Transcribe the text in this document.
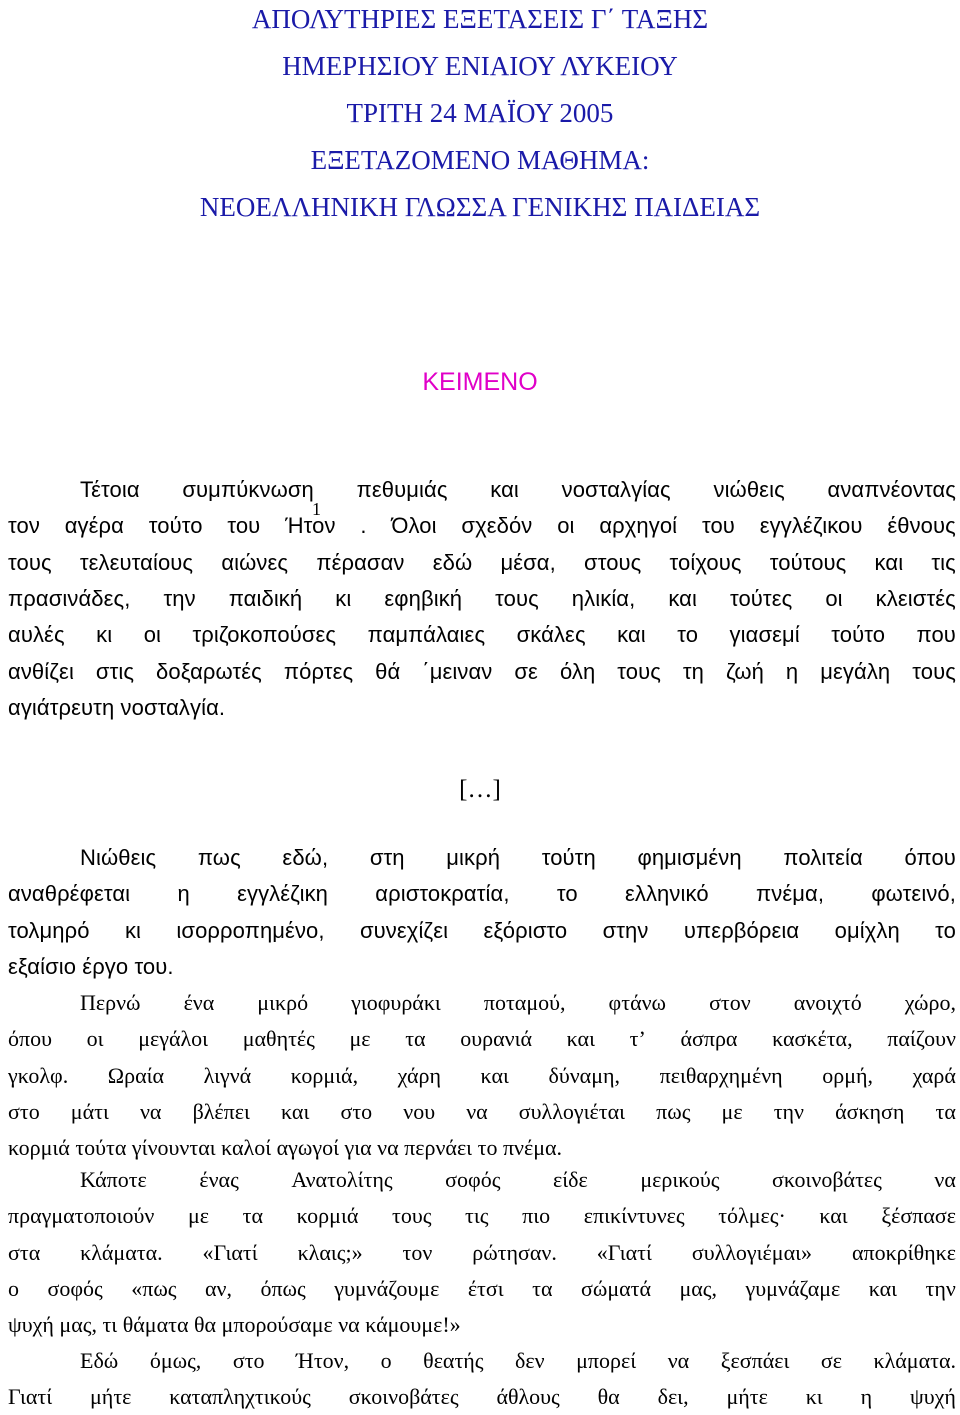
ΑΠΟΛΥΤΗΡΙΕΣ ΕΞΕΤΑΣΕΙΣ Γ΄ ΤΑΞΗΣ
ΗΜΕΡΗΣΙΟΥ ΕΝΙΑΙΟΥ ΛΥΚΕΙΟΥ
ΤΡΙΤΗ 24 ΜΑΪΟΥ 2005
ΕΞΕΤΑΖΟΜΕΝΟ ΜΑΘΗΜΑ:
ΝΕΟΕΛΛΗΝΙΚΗ ΓΛΩΣΣΑ ΓΕΝΙΚΗΣ ΠΑΙΔΕΙΑΣ
ΚΕΙΜΕΝΟ
Τέτοια συμπύκνωση πεθυμιάς και νοσταλγίας νιώθεις αναπνέοντας
τον αγέρα τούτο του Ήτον . Όλοι σχεδόν οι αρχηγοί του εγγλέζικου έθνους
τους τελευταίους αιώνες πέρασαν εδώ μέσα, στους τοίχους τούτους και τις
πρασινάδες, την παιδική κι εφηβική τους ηλικία, και τούτες οι κλειστές
αυλές κι οι τριζοκοπούσες παμπάλαιες σκάλες και το γιασεμί τούτο που
ανθίζει στις δοξαρωτές πόρτες θά ΄μειναν σε όλη τους τη ζωή η μεγάλη τους
αγιάτρευτη νοσταλγία.
1
[…]
Νιώθεις πως εδώ, στη μικρή τούτη φημισμένη πολιτεία όπου
αναθρέφεται η εγγλέζικη αριστοκρατία, το ελληνικό πνέμα, φωτεινό,
τολμηρό κι ισορροπημένο, συνεχίζει εξόριστο στην υπερβόρεια ομίχλη το
εξαίσιο έργο του.
Περνώ ένα μικρό γιοφυράκι ποταμού, φτάνω στον ανοιχτό χώρο,
όπου οι μεγάλοι μαθητές με τα ουρανιά και τ’ άσπρα κασκέτα, παίζουν
γκολφ. Ωραία λιγνά κορμιά, χάρη και δύναμη, πειθαρχημένη ορμή, χαρά
στο μάτι να βλέπει και στο νου να συλλογιέται πως με την άσκηση τα
κορμιά τούτα γίνουνται καλοί αγωγοί για να περνάει το πνέμα.
Κάποτε ένας Ανατολίτης σοφός είδε μερικούς σκοινοβάτες να
πραγματοποιούν με τα κορμιά τους τις πιο επικίντυνες τόλμες· και ξέσπασε
στα κλάματα. «Γιατί κλαις;» τον ρώτησαν. «Γιατί συλλογιέμαι» αποκρίθηκε
ο σοφός «πως αν, όπως γυμνάζουμε έτσι τα σώματά μας, γυμνάζαμε και την
ψυχή μας, τι θάματα θα μπορούσαμε να κάμουμε!»
Εδώ όμως, στο Ήτον, ο θεατής δεν μπορεί να ξεσπάει σε κλάματα.
Γιατί μήτε καταπληχτικούς σκοινοβάτες άθλους θα δει, μήτε κι η ψυχή
